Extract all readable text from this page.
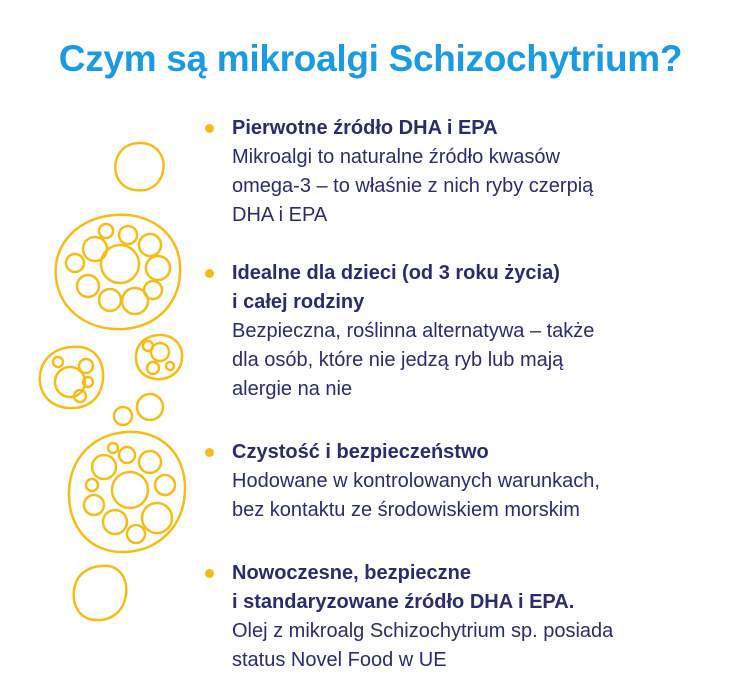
Czym są mikroalgi Schizochytrium?
Pierwotne źródło DHA i EPA
Mikroalgi to naturalne źródło kwasów
omega-3 – to właśnie z nich ryby czerpią
DHA i EPA
Idealne dla dzieci (od 3 roku życia)
i całej rodziny
Bezpieczna, roślinna alternatywa – także
dla osób, które nie jedzą ryb lub mają
alergie na nie
Czystość i bezpieczeństwo
Hodowane w kontrolowanych warunkach,
bez kontaktu ze środowiskiem morskim
Nowoczesne, bezpieczne
i standaryzowane źródło DHA i EPA.
Olej z mikroalg Schizochytrium sp. posiada
status Novel Food w UE
